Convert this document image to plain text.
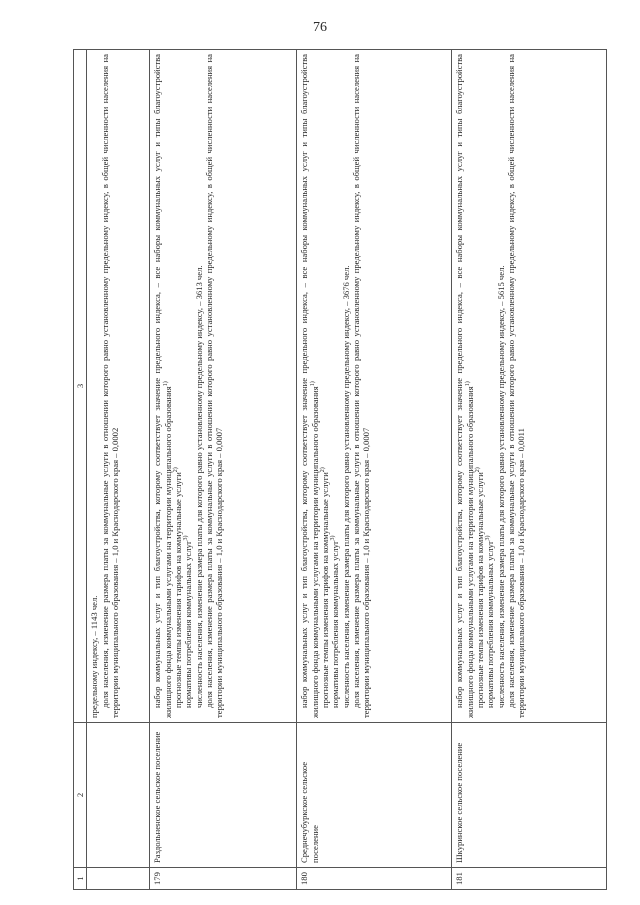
76
1	2	3

		предельному индексу, – 1143 чел. доля населения, изменение размера платы за коммунальные услуги в отношении которого равно установленному предельному индексу, в общей численности населения на территории муниципального образования – 1,0 и Краснодарского края – 0,0002

179	Раздольненское сельское поселение	набор коммунальных услуг и тип благоустройства, которому соответствует значение предельного индекса, – все наборы коммунальных услуг и типы благоустройства жилищного фонда коммунальными услугами на территории муниципального образования$^{1)}$

прогнозные темпы изменения тарифов на коммунальные услуги$^{2)}$

нормативы потребления коммунальных услуг$^{3)}$ численность населения, изменение размера платы для которого равно установленному предельному индексу, – 3613 чел. доля населения, изменение размера платы за коммунальные услуги в отношении которого равно установленному предельному индексу, в общей численности населения на территории муниципального образования – 1,0 и Краснодарского края – 0,0007

180	Среднечубуркское сельское поселение	набор коммунальных услуг и тип благоустройства, которому соответствует значение предельного индекса, – все наборы коммунальных услуг и типы благоустройства жилищного фонда коммунальными услугами на территории муниципального образования$^{1)}$

прогнозные темпы изменения тарифов на коммунальные услуги$^{2)}$

нормативы потребления коммунальных услуг$^{3)}$ численность населения, изменение размера платы для которого равно установленному предельному индексу, – 3676 чел. доля населения, изменение размера платы за коммунальные услуги в отношении которого равно установленному предельному индексу, в общей численности населения на территории муниципального образования – 1,0 и Краснодарского края – 0,0007

181	Шкуринское сельское поселение	набор коммунальных услуг и тип благоустройства, которому соответствует значение предельного индекса, – все наборы коммунальных услуг и типы благоустройства жилищного фонда коммунальными услугами на территории муниципального образования$^{1)}$

прогнозные темпы изменения тарифов на коммунальные услуги$^{2)}$

нормативы потребления коммунальных услуг$^{3)}$ численность населения, изменение размера платы для которого равно установленному предельному индексу, – 5615 чел. доля населения, изменение размера платы за коммунальные услуги в отношении которого равно установленному предельному индексу, в общей численности населения на территории муниципального образования – 1,0 и Краснодарского края – 0,0011
